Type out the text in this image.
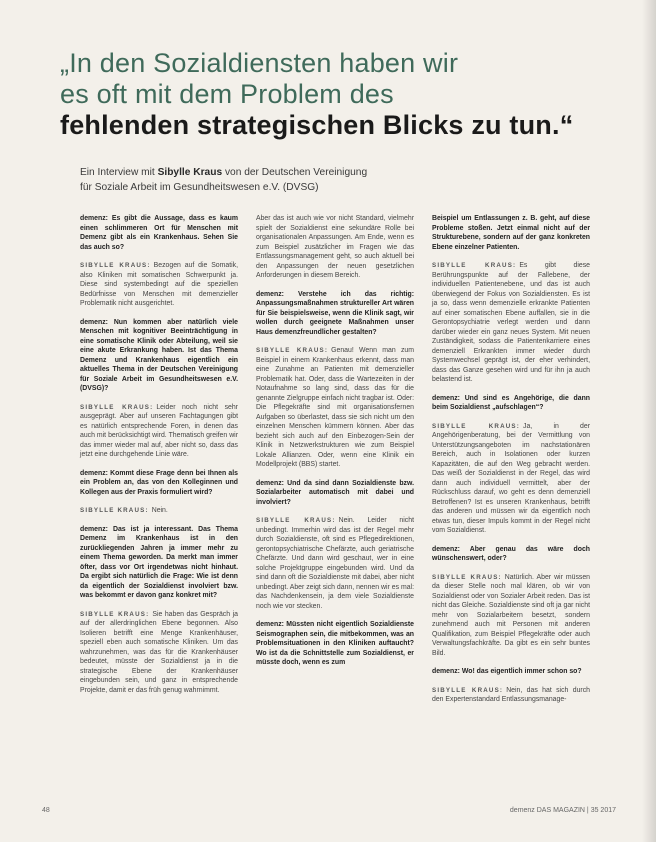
„In den Sozialdiensten haben wir
es oft mit dem Problem des
fehlenden strategischen Blicks zu tun.“
Ein Interview mit Sibylle Kraus von der Deutschen Vereinigung
für Soziale Arbeit im Gesundheitswesen e.V. (DVSG)

demenz: Es gibt die Aussage, dass es kaum einen schlimmeren Ort für Menschen mit Demenz gibt als ein Krankenhaus. Sehen Sie das auch so?

SIBYLLE KRAUS: Bezogen auf die Somatik, also Kliniken mit somatischen Schwerpunkt ja. Diese sind systembedingt auf die speziellen Bedürfnisse von Menschen mit demenzieller Problematik nicht ausgerichtet.

demenz: Nun kommen aber natürlich viele Menschen mit kognitiver Beeinträchtigung in eine somatische Klinik oder Abteilung, weil sie eine akute Erkrankung haben. Ist das Thema Demenz und Krankenhaus eigentlich ein aktuelles Thema in der Deutschen Vereinigung für Soziale Arbeit im Gesundheitswesen e.V. (DVSG)?

SIBYLLE KRAUS: Leider noch nicht sehr ausgeprägt. Aber auf unseren Fachtagungen gibt es natürlich entsprechende Foren, in denen das auch mit berücksichtigt wird. Thematisch greifen wir das immer wieder mal auf, aber nicht so, dass das jetzt eine durchgehende Linie wäre.

demenz: Kommt diese Frage denn bei Ihnen als ein Problem an, das von den Kolleginnen und Kollegen aus der Praxis formuliert wird?

SIBYLLE KRAUS: Nein.

demenz: Das ist ja interessant. Das Thema Demenz im Krankenhaus ist in den zurückliegenden Jahren ja immer mehr zu einem Thema geworden. Da merkt man immer öfter, dass vor Ort irgendetwas nicht hinhaut. Da ergibt sich natürlich die Frage: Wie ist denn da eigentlich der Sozialdienst involviert bzw. was bekommt er davon ganz konkret mit?

SIBYLLE KRAUS: Sie haben das Gespräch ja auf der allerdringlichen Ebene begonnen. Also Isolieren betrifft eine Menge Krankenhäuser, speziell eben auch somatische Kliniken. Um das wahrzunehmen, was das für die Krankenhäuser bedeutet, müsste der Sozialdienst ja in die strategische Ebene der Krankenhäuser eingebunden sein, und ganz in entsprechende Projekte, damit er das früh genug wahrnimmt.

Aber das ist auch wie vor nicht Standard, vielmehr spielt der Sozialdienst eine sekundäre Rolle bei organisationalen Anpassungen. Am Ende, wenn es zum Beispiel zusätzlicher im Fragen wie das Entlassungsmanagement geht, so auch aktuell bei den Anpassungen der neuen gesetzlichen Anforderungen in diesem Bereich.

demenz: Verstehe ich das richtig: Anpassungsmaßnahmen struktureller Art wären für Sie beispielsweise, wenn die Klinik sagt, wir wollen durch geeignete Maßnahmen unser Haus demenzfreundlicher gestalten?

SIBYLLE KRAUS: Genau! Wenn man zum Beispiel in einem Krankenhaus erkennt, dass man eine Zunahme an Patienten mit demenzieller Problematik hat. Oder, dass die Wartezeiten in der Notaufnahme so lang sind, dass das für die genannte Zielgruppe einfach nicht tragbar ist. Oder: Die Pflegekräfte sind mit organisationsfernen Aufgaben so überlastet, dass sie sich nicht um den einzelnen Menschen kümmern können. Aber das bezieht sich auch auf den Einbezogen-Sein der Klinik in Netzwerkstrukturen wie zum Beispiel Lokale Allianzen. Oder, wenn eine Klinik ein Modellprojekt (BBS) startet.

demenz: Und da sind dann Sozialdienste bzw. Sozialarbeiter automatisch mit dabei und involviert?

SIBYLLE KRAUS: Nein. Leider nicht unbedingt. Immerhin wird das ist der Regel mehr durch Sozialdienste, oft sind es Pflegedirektionen, gerontopsychiatrische Chefärzte, auch geriatrische Chefärzte. Und dann wird geschaut, wer in eine solche Projektgruppe eingebunden wird. Und da sind dann oft die Sozialdienste mit dabei, aber nicht unbedingt. Aber zeigt sich dann, nennen wir es mal: das Nachdenkensein, ja dem viele Sozialdienste noch wie vor stecken.

demenz: Müssten nicht eigentlich Sozialdienste Seismographen sein, die mitbekommen, was an Problemsituationen in den Kliniken auftaucht? Wo ist da die Schnittstelle zum Sozialdienst, er müsste doch, wenn es zum

Beispiel um Entlassungen z. B. geht, auf diese Probleme stoßen. Jetzt einmal nicht auf der Strukturebene, sondern auf der ganz konkreten Ebene einzelner Patienten.

SIBYLLE KRAUS: Es gibt diese Berührungspunkte auf der Fallebene, der individuellen Patientenebene, und das ist auch überwiegend der Fokus von Sozialdiensten. Es ist ja so, dass wenn demenzielle erkrankte Patienten auf einer somatischen Ebene auffallen, sie in die Gerontopsychiatrie verlegt werden und dann darüber wieder ein ganz neues System. Mit neuen Zuständigkeit, sodass die Patientenkarriere eines demenziell Erkrankten immer wieder durch Systemwechsel geprägt ist, der eher verhindert, dass das Ganze gesehen wird und für ihn ja auch belastend ist.

demenz: Und sind es Angehörige, die dann beim Sozialdienst „aufschlagen“?

SIBYLLE KRAUS: Ja, in der Angehörigenberatung, bei der Vermittlung von Unterstützungsangeboten im nachstationären Bereich, auch in Isolationen oder kurzen Kapazitäten, die auf den Weg gebracht werden. Das weiß der Sozialdienst in der Regel, das wird dann auch individuell vermittelt, aber der Rückschluss darauf, wo geht es denn demenziell Betroffenen? Ist es unseren Krankenhaus, betrifft das anderen und müssen wir da eigentlich noch etwas tun, dieser Impuls kommt in der Regel nicht vom Sozialdienst.

demenz: Aber genau das wäre doch wünschenswert, oder?

SIBYLLE KRAUS: Natürlich. Aber wir müssen da dieser Stelle noch mal klären, ob wir von Sozialdienst oder von Sozialer Arbeit reden. Das ist nicht das Gleiche. Sozialdienste sind oft ja gar nicht mehr von Sozialarbeitern besetzt, sondern zunehmend auch mit Personen mit anderen Qualifikation, zum Beispiel Pflegekräfte oder auch Verwaltungsfachkräfte. Da gibt es ein sehr buntes Bild.

demenz: Wo! das eigentlich immer schon so?

SIBYLLE KRAUS: Nein, das hat sich durch den Expertenstandard Entlassungsmanage-

48	demenz DAS MAGAZIN | 35 2017
